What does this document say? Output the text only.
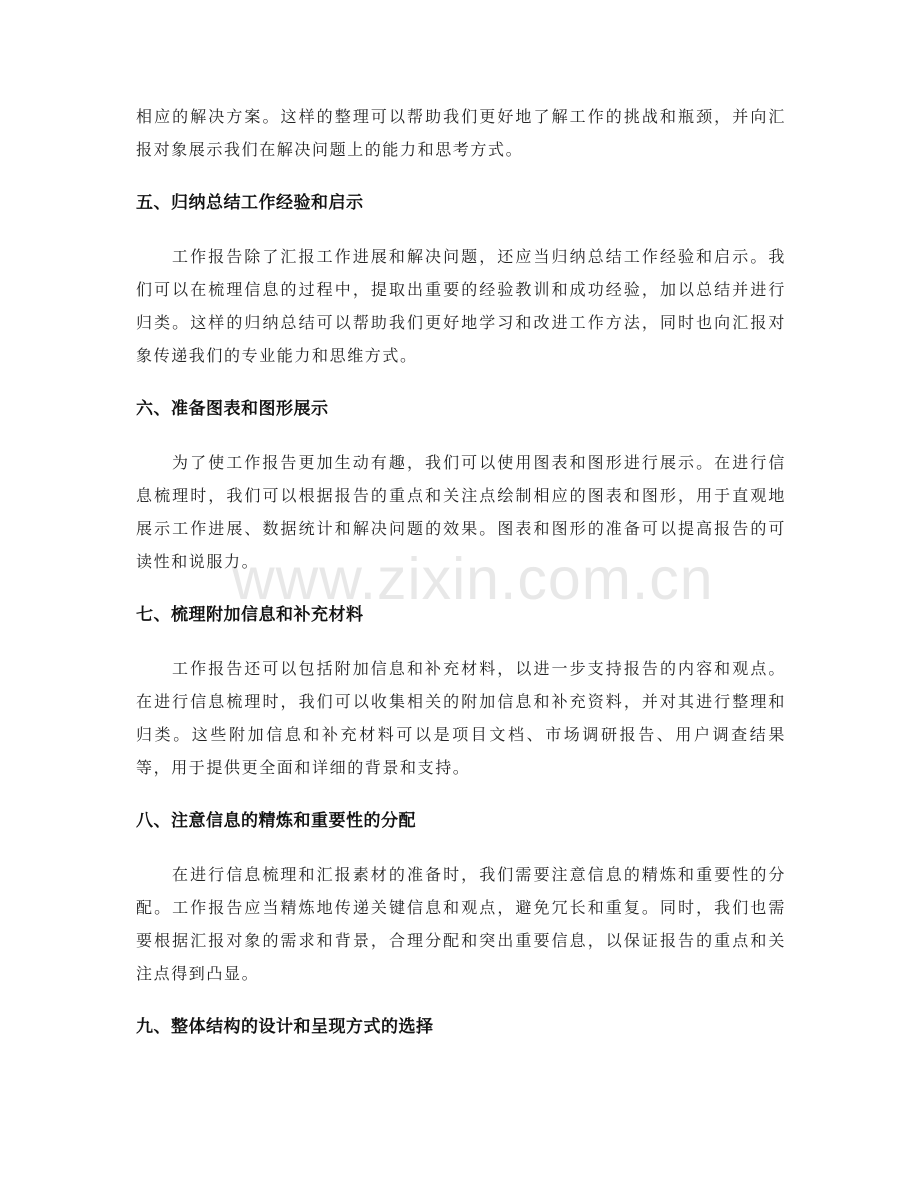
相应的解决方案。这样的整理可以帮助我们更好地了解工作的挑战和瓶颈，并向汇报对象展示我们在解决问题上的能力和思考方式。

五、归纳总结工作经验和启示

工作报告除了汇报工作进展和解决问题，还应当归纳总结工作经验和启示。我们可以在梳理信息的过程中，提取出重要的经验教训和成功经验，加以总结并进行归类。这样的归纳总结可以帮助我们更好地学习和改进工作方法，同时也向汇报对象传递我们的专业能力和思维方式。

六、准备图表和图形展示

为了使工作报告更加生动有趣，我们可以使用图表和图形进行展示。在进行信息梳理时，我们可以根据报告的重点和关注点绘制相应的图表和图形，用于直观地展示工作进展、数据统计和解决问题的效果。图表和图形的准备可以提高报告的可读性和说服力。

七、梳理附加信息和补充材料

工作报告还可以包括附加信息和补充材料，以进一步支持报告的内容和观点。在进行信息梳理时，我们可以收集相关的附加信息和补充资料，并对其进行整理和归类。这些附加信息和补充材料可以是项目文档、市场调研报告、用户调查结果等，用于提供更全面和详细的背景和支持。

八、注意信息的精炼和重要性的分配

在进行信息梳理和汇报素材的准备时，我们需要注意信息的精炼和重要性的分配。工作报告应当精炼地传递关键信息和观点，避免冗长和重复。同时，我们也需要根据汇报对象的需求和背景，合理分配和突出重要信息，以保证报告的重点和关注点得到凸显。

九、整体结构的设计和呈现方式的选择
www.zixin.com.cn
